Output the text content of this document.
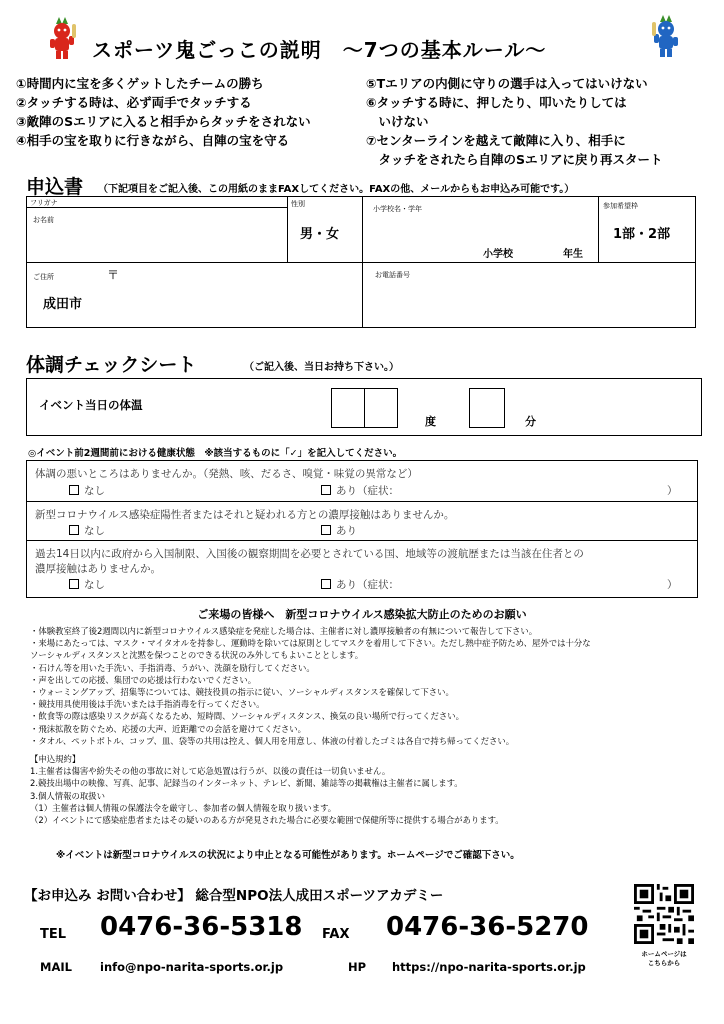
スポーツ鬼ごっこの説明　～7つの基本ルール～
①時間内に宝を多くゲットしたチームの勝ち
②タッチする時は、必ず両手でタッチする
③敵陣のSエリアに入ると相手からタッチをされない
④相手の宝を取りに行きながら、自陣の宝を守る
⑤Tエリアの内側に守りの選手は入ってはいけない
⑥タッチする時に、押したり、叩いたりしては
　いけない
⑦センターラインを越えて敵陣に入り、相手に
　タッチをされたら自陣のSエリアに戻り再スタート
申込書 （下記項目をご記入後、この用紙のままFAXしてください。FAXの他、メールからもお申込み可能です。）
フリガナ
お名前
性別
男・女
小学校名・学年
小学校	年生
参加希望枠
1部・2部
ご住所	〒
成田市
お電話番号
体調チェックシート	（ご記入後、当日お持ち下さい。）
イベント当日の体温
度	分
◎イベント前2週間前における健康状態　※該当するものに「✓」を記入してください。
体調の悪いところはありませんか。（発熱、咳、だるさ、嗅覚・味覚の異常など）
なし	あり（症状：	）
新型コロナウイルス感染症陽性者またはそれと疑われる方との濃厚接触はありませんか。
なし	あり
過去14日以内に政府から入国制限、入国後の観察期間を必要とされている国、地域等の渡航歴または当該在住者との
濃厚接触はありませんか。
なし	あり（症状：	）
ご来場の皆様へ　新型コロナウイルス感染拡大防止のためのお願い
・体験教室終了後2週間以内に新型コロナウイルス感染症を発症した場合は、主催者に対し濃厚接触者の有無について報告して下さい。
・来場にあたっては、マスク・マイタオルを持参し、運動時を除いては原則としてマスクを着用して下さい。ただし熱中症予防ため、屋外では十分な
ソーシャルディスタンスと沈黙を保つことのできる状況のみ外してもよいこととします。
・石けん等を用いた手洗い、手指消毒、うがい、洗顔を励行してください。
・声を出しての応援、集団での応援は行わないでください。
・ウォーミングアップ、招集等については、競技役員の指示に従い、ソーシャルディスタンスを確保して下さい。
・競技用具使用後は手洗いまたは手指消毒を行ってください。
・飲食等の際は感染リスクが高くなるため、短時間、ソーシャルディスタンス、換気の良い場所で行ってください。
・飛沫拡散を防ぐため、応援の大声、近距離での会話を避けてください。
・タオル、ペットボトル、コップ、皿、袋等の共用は控え、個人用を用意し、体液の付着したゴミは各自で持ち帰ってください。
【申込規約】
1.主催者は傷害や紛失その他の事故に対して応急処置は行うが、以後の責任は一切負いません。
2.競技出場中の映像、写真、記事、記録当のインターネット、テレビ、新聞、雑誌等の掲載権は主催者に属します。
3.個人情報の取扱い
（1）主催者は個人情報の保護法令を厳守し、参加者の個人情報を取り扱います。
（2）イベントにて感染症患者またはその疑いのある方が発見された場合に必要な範囲で保健所等に提供する場合があります。
※イベントは新型コロナウイルスの状況により中止となる可能性があります。ホームページでご確認下さい。
【お申込み お問い合わせ】 総合型NPO法人成田スポーツアカデミー
TEL 0476-36-5318 FAX 0476-36-5270
MAIL info@npo-narita-sports.or.jp	HP https://npo-narita-sports.or.jp
ホームページは
こちらから
